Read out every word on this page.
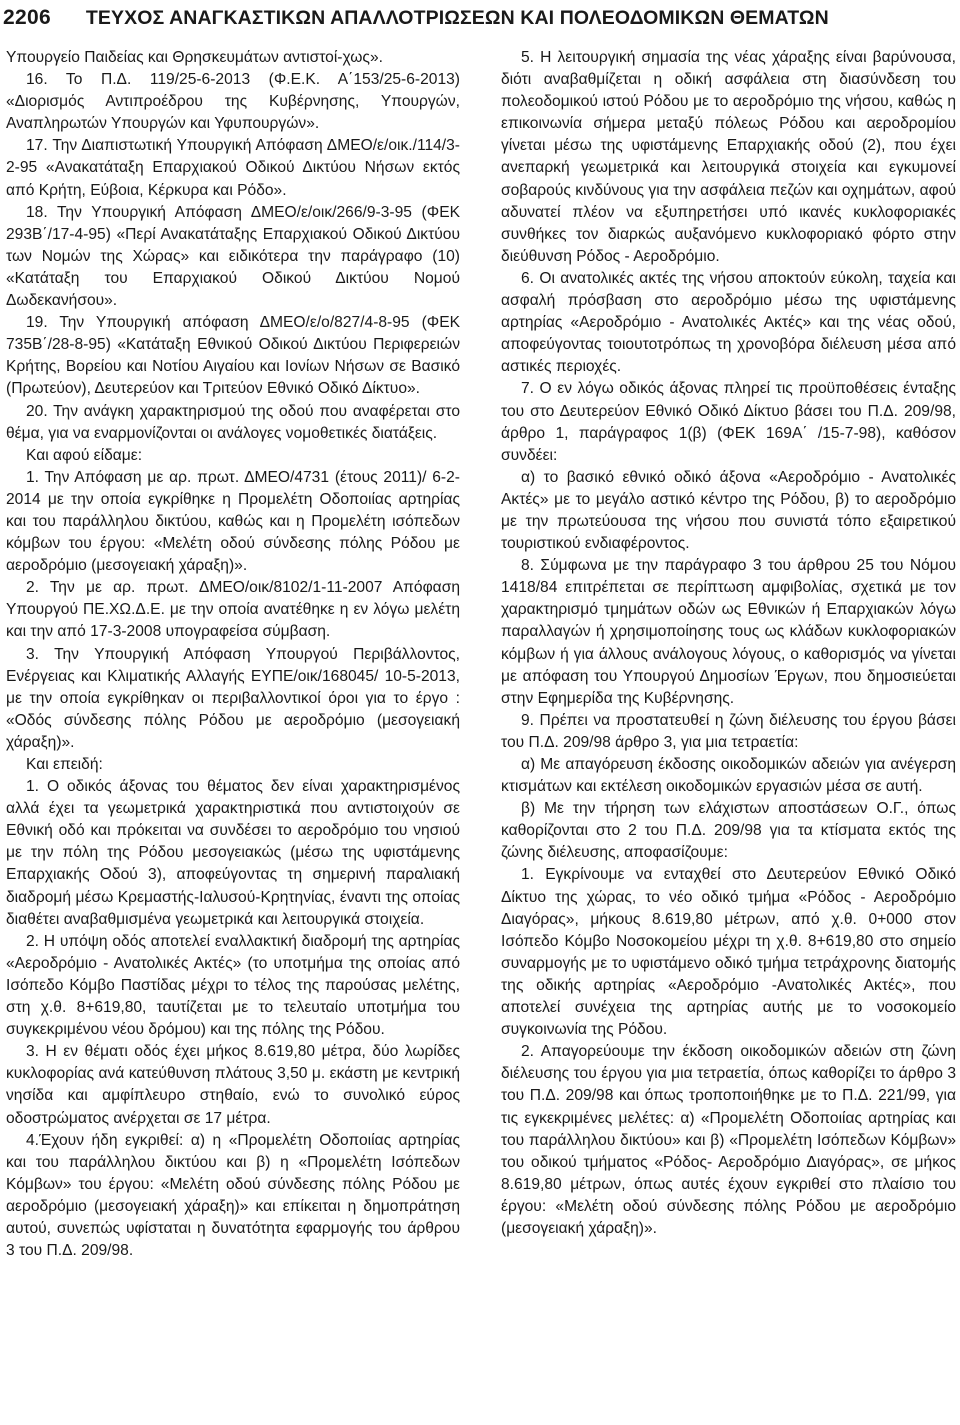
2206 ΤΕΥΧΟΣ ΑΝΑΓΚΑΣΤΙΚΩΝ ΑΠΑΛΛΟΤΡΙΩΣΕΩΝ ΚΑΙ ΠΟΛΕΟΔΟΜΙΚΩΝ ΘΕΜΑΤΩΝ

Υπουργείο Παιδείας και Θρησκευμάτων αντιστοί-χως».

16. Το Π.Δ. 119/25-6-2013 (Φ.Ε.Κ. Α΄153/25-6-2013) «Διορισμός Αντιπροέδρου της Κυβέρνησης, Υπουργών, Αναπληρωτών Υπουργών και Υφυπουργών».

17. Την Διαπιστωτική Υπουργική Απόφαση ΔΜΕΟ/ε/οικ./114/3-2-95 «Ανακατάταξη Επαρχιακού Οδικού Δικτύου Νήσων εκτός από Κρήτη, Εύβοια, Κέρκυρα και Ρόδο».

18. Την Υπουργική Απόφαση ΔΜΕΟ/ε/οικ/266/9-3-95 (ΦΕΚ 293Β΄/17-4-95) «Περί Ανακατάταξης Επαρχιακού Οδικού Δικτύου των Νομών της Χώρας» και ειδικότερα την παράγραφο (10) «Κατάταξη του Επαρχιακού Οδικού Δικτύου Νομού Δωδεκανήσου».

19. Την Υπουργική απόφαση ΔΜΕΟ/ε/ο/827/4-8-95 (ΦΕΚ 735Β΄/28-8-95) «Κατάταξη Εθνικού Οδικού Δικτύου Περιφερειών Κρήτης, Βορείου και Νοτίου Αιγαίου και Ιονίων Νήσων σε Βασικό (Πρωτεύον), Δευτερεύον και Τριτεύον Εθνικό Οδικό Δίκτυο».

20. Την ανάγκη χαρακτηρισμού της οδού που αναφέρεται στο θέμα, για να εναρμονίζονται οι ανάλογες νομοθετικές διατάξεις.

Και αφού είδαμε:

1. Την Απόφαση με αρ. πρωτ. ΔΜΕΟ/4731 (έτους 2011)/ 6-2-2014 με την οποία εγκρίθηκε η Προμελέτη Οδοποιίας αρτηρίας και του παράλληλου δικτύου, καθώς και η Προμελέτη ισόπεδων κόμβων του έργου: «Μελέτη οδού σύνδεσης πόλης Ρόδου με αεροδρόμιο (μεσογειακή χάραξη)».

2. Την με αρ. πρωτ. ΔΜΕΟ/οικ/8102/1-11-2007 Απόφαση Υπουργού ΠΕ.ΧΩ.Δ.Ε. με την οποία ανατέθηκε η εν λόγω μελέτη και την από 17-3-2008 υπογραφείσα σύμβαση.

3. Την Υπουργική Απόφαση Υπουργού Περιβάλλοντος, Ενέργειας και Κλιματικής Αλλαγής ΕΥΠΕ/οικ/168045/ 10-5-2013, με την οποία εγκρίθηκαν οι περιβαλλοντικοί όροι για το έργο : «Οδός σύνδεσης πόλης Ρόδου με αεροδρόμιο (μεσογειακή χάραξη)».

Και επειδή:

1. Ο οδικός άξονας του θέματος δεν είναι χαρακτηρισμένος αλλά έχει τα γεωμετρικά χαρακτηριστικά που αντιστοιχούν σε Εθνική οδό και πρόκειται να συνδέσει το αεροδρόμιο του νησιού με την πόλη της Ρόδου μεσογειακώς (μέσω της υφιστάμενης Επαρχιακής Οδού 3), αποφεύγοντας τη σημερινή παραλιακή διαδρομή μέσω Κρεμαστής-Ιαλυσού-Κρητηνίας, έναντι της οποίας διαθέτει αναβαθμισμένα γεωμετρικά και λειτουργικά στοιχεία.

2. Η υπόψη οδός αποτελεί εναλλακτική διαδρομή της αρτηρίας «Αεροδρόμιο - Ανατολικές Ακτές» (το υποτμήμα της οποίας από Ισόπεδο Κόμβο Παστίδας μέχρι το τέλος της παρούσας μελέτης, στη χ.θ. 8+619,80, ταυτίζεται με το τελευταίο υποτμήμα του συγκεκριμένου νέου δρόμου) και της πόλης της Ρόδου.

3. Η εν θέματι οδός έχει μήκος 8.619,80 μέτρα, δύο λωρίδες κυκλοφορίας ανά κατεύθυνση πλάτους 3,50 μ. εκάστη με κεντρική νησίδα και αμφίπλευρο στηθαίο, ενώ το συνολικό εύρος οδοστρώματος ανέρχεται σε 17 μέτρα.

4.Έχουν ήδη εγκριθεί: α) η «Προμελέτη Οδοποιίας αρτηρίας και του παράλληλου δικτύου και β) η «Προμελέτη Ισόπεδων Κόμβων» του έργου: «Μελέτη οδού σύνδεσης πόλης Ρόδου με αεροδρόμιο (μεσογειακή χάραξη)» και επίκειται η δημοπράτηση αυτού, συνεπώς υφίσταται η δυνατότητα εφαρμογής του άρθρου 3 του Π.Δ. 209/98.

5. Η λειτουργική σημασία της νέας χάραξης είναι βαρύνουσα, διότι αναβαθμίζεται η οδική ασφάλεια στη διασύνδεση του πολεοδομικού ιστού Ρόδου με το αεροδρόμιο της νήσου, καθώς η επικοινωνία σήμερα μεταξύ πόλεως Ρόδου και αεροδρομίου γίνεται μέσω της υφιστάμενης Επαρχιακής οδού (2), που έχει ανεπαρκή γεωμετρικά και λειτουργικά στοιχεία και εγκυμονεί σοβαρούς κινδύνους για την ασφάλεια πεζών και οχημάτων, αφού αδυνατεί πλέον να εξυπηρετήσει υπό ικανές κυκλοφοριακές συνθήκες τον διαρκώς αυξανόμενο κυκλοφοριακό φόρτο στην διεύθυνση Ρόδος - Αεροδρόμιο.

6. Οι ανατολικές ακτές της νήσου αποκτούν εύκολη, ταχεία και ασφαλή πρόσβαση στο αεροδρόμιο μέσω της υφιστάμενης αρτηρίας «Αεροδρόμιο - Ανατολικές Ακτές» και της νέας οδού, αποφεύγοντας τοιουτοτρόπως τη χρονοβόρα διέλευση μέσα από αστικές περιοχές.

7. Ο εν λόγω οδικός άξονας πληρεί τις προϋποθέσεις ένταξης του στο Δευτερεύον Εθνικό Οδικό Δίκτυο βάσει του Π.Δ. 209/98, άρθρο 1, παράγραφος 1(β) (ΦΕΚ 169Α΄ /15-7-98), καθόσον συνδέει:

α) το βασικό εθνικό οδικό άξονα «Αεροδρόμιο - Ανατολικές Ακτές» με το μεγάλο αστικό κέντρο της Ρόδου, β) το αεροδρόμιο με την πρωτεύουσα της νήσου που συνιστά τόπο εξαιρετικού τουριστικού ενδιαφέροντος.

8. Σύμφωνα με την παράγραφο 3 του άρθρου 25 του Νόμου 1418/84 επιτρέπεται σε περίπτωση αμφιβολίας, σχετικά με τον χαρακτηρισμό τμημάτων οδών ως Εθνικών ή Επαρχιακών λόγω παραλλαγών ή χρησιμοποίησης τους ως κλάδων κυκλοφοριακών κόμβων ή για άλλους ανάλογους λόγους, ο καθορισμός να γίνεται με απόφαση του Υπουργού Δημοσίων Έργων, που δημοσιεύεται στην Εφημερίδα της Κυβέρνησης.

9. Πρέπει να προστατευθεί η ζώνη διέλευσης του έργου βάσει του Π.Δ. 209/98 άρθρο 3, για μια τετραετία:

α) Με απαγόρευση έκδοσης οικοδομικών αδειών για ανέγερση κτισμάτων και εκτέλεση οικοδομικών εργασιών μέσα σε αυτή.

β) Με την τήρηση των ελάχιστων αποστάσεων Ο.Γ., όπως καθορίζονται στο 2 του Π.Δ. 209/98 για τα κτίσματα εκτός της ζώνης διέλευσης, αποφασίζουμε:

1. Εγκρίνουμε να ενταχθεί στο Δευτερεύον Εθνικό Οδικό Δίκτυο της χώρας, το νέο οδικό τμήμα «Ρόδος - Αεροδρόμιο Διαγόρας», μήκους 8.619,80 μέτρων, από χ.θ. 0+000 στον Ισόπεδο Κόμβο Νοσοκομείου μέχρι τη χ.θ. 8+619,80 στο σημείο συναρμογής με το υφιστάμενο οδικό τμήμα τετράχρονης διατομής της οδικής αρτηρίας «Αεροδρόμιο -Ανατολικές Ακτές», που αποτελεί συνέχεια της αρτηρίας αυτής με το νοσοκομείο συγκοινωνία της Ρόδου.

2. Απαγορεύουμε την έκδοση οικοδομικών αδειών στη ζώνη διέλευσης του έργου για μια τετραετία, όπως καθορίζει το άρθρο 3 του Π.Δ. 209/98 και όπως τροποποιήθηκε με το Π.Δ. 221/99, για τις εγκεκριμένες μελέτες: α) «Προμελέτη Οδοποιίας αρτηρίας και του παράλληλου δικτύου» και β) «Προμελέτη Ισόπεδων Κόμβων» του οδικού τμήματος «Ρόδος- Αεροδρόμιο Διαγόρας», σε μήκος 8.619,80 μέτρων, όπως αυτές έχουν εγκριθεί στο πλαίσιο του έργου: «Μελέτη οδού σύνδεσης πόλης Ρόδου με αεροδρόμιο (μεσογειακή χάραξη)».
